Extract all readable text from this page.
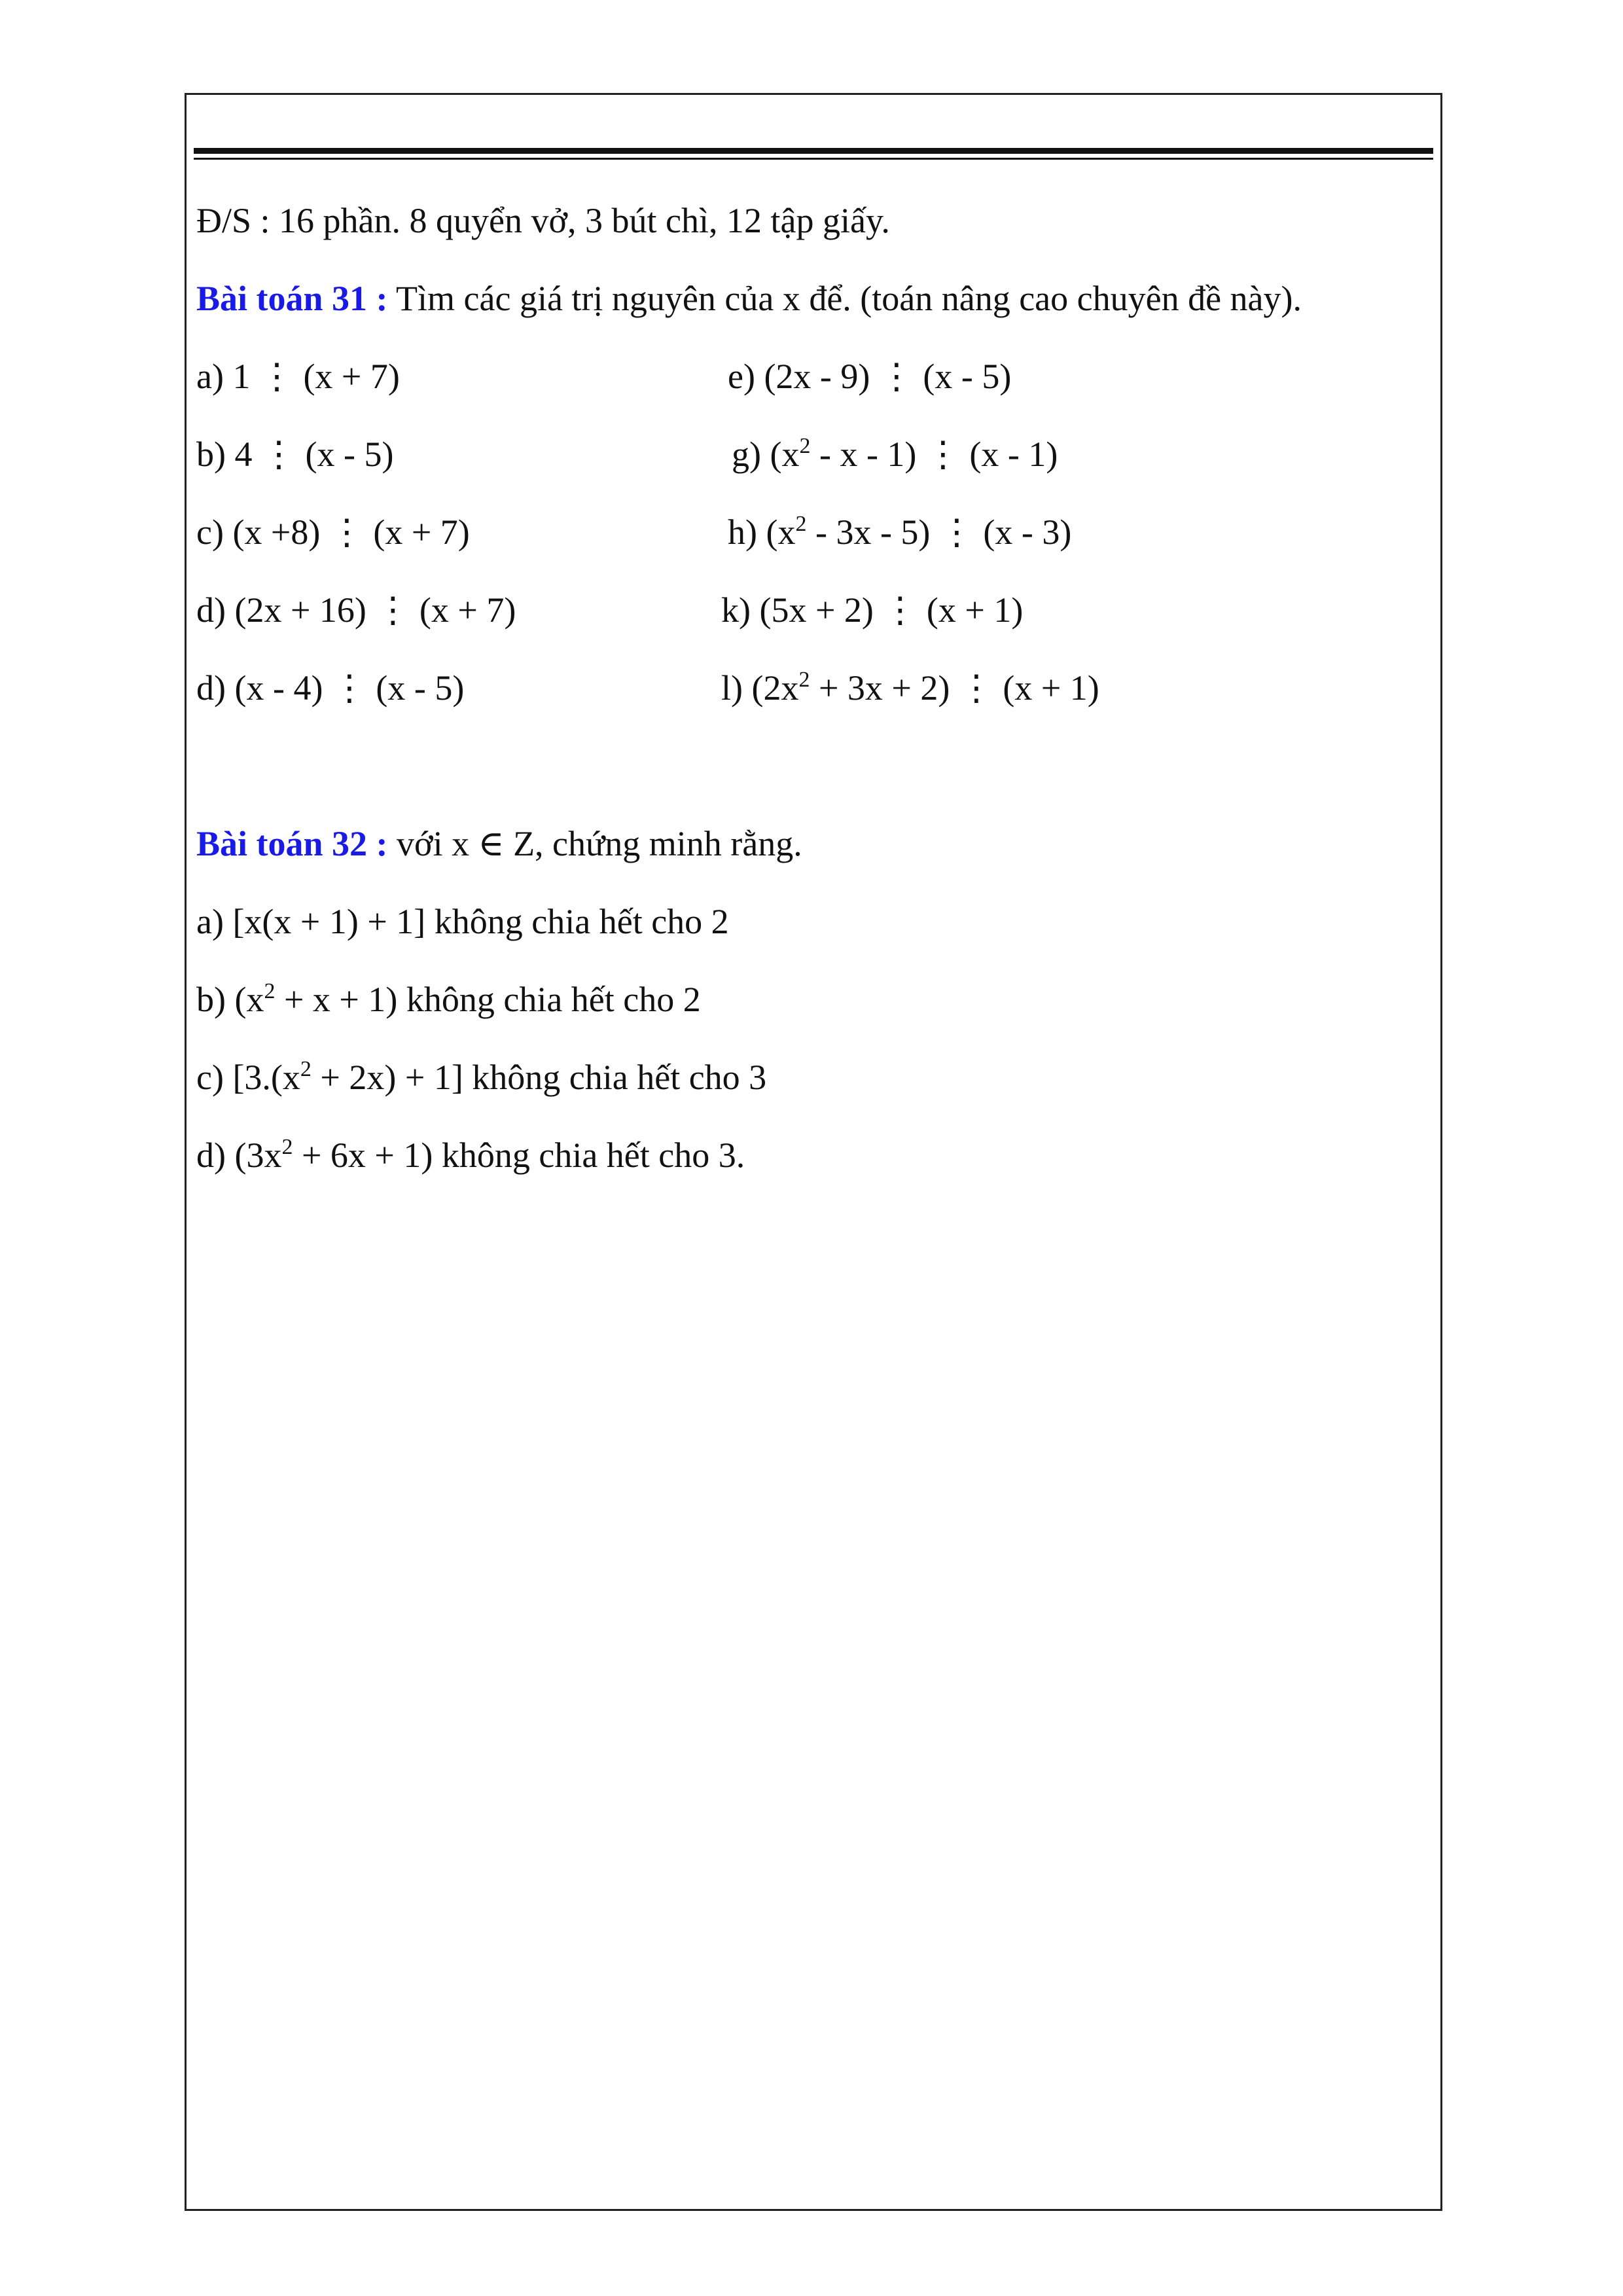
Đ/S : 16 phần. 8 quyển vở, 3 bút chì, 12 tập giấy.
Bài toán 31 : Tìm các giá trị nguyên của x để. (toán nâng cao chuyên đề này).
a) 1 ⋮ (x + 7)
b) 4 ⋮ (x - 5)
c) (x +8) ⋮ (x + 7)
d) (2x + 16) ⋮ (x + 7)
d) (x - 4) ⋮ (x - 5)
e) (2x - 9) ⋮ (x - 5)
g) ($x^2$ - x - 1) ⋮ (x - 1)
h) $(x^2 - 3x - 5)$ ⋮ (x - 3)
k) (5x + 2) ⋮ (x + 1)
l) $(2x^2 + 3x + 2)$ ⋮ (x + 1)
Bài toán 32 : với x ∈ Z, chứng minh rằng.
a) [x(x + 1) + 1] không chia hết cho 2
b) $(x^2 + x + 1)$ không chia hết cho 2
c) $[3.(x^2 + 2x) + 1]$ không chia hết cho 3
d) $(3x^2 + 6x + 1)$ không chia hết cho 3.
